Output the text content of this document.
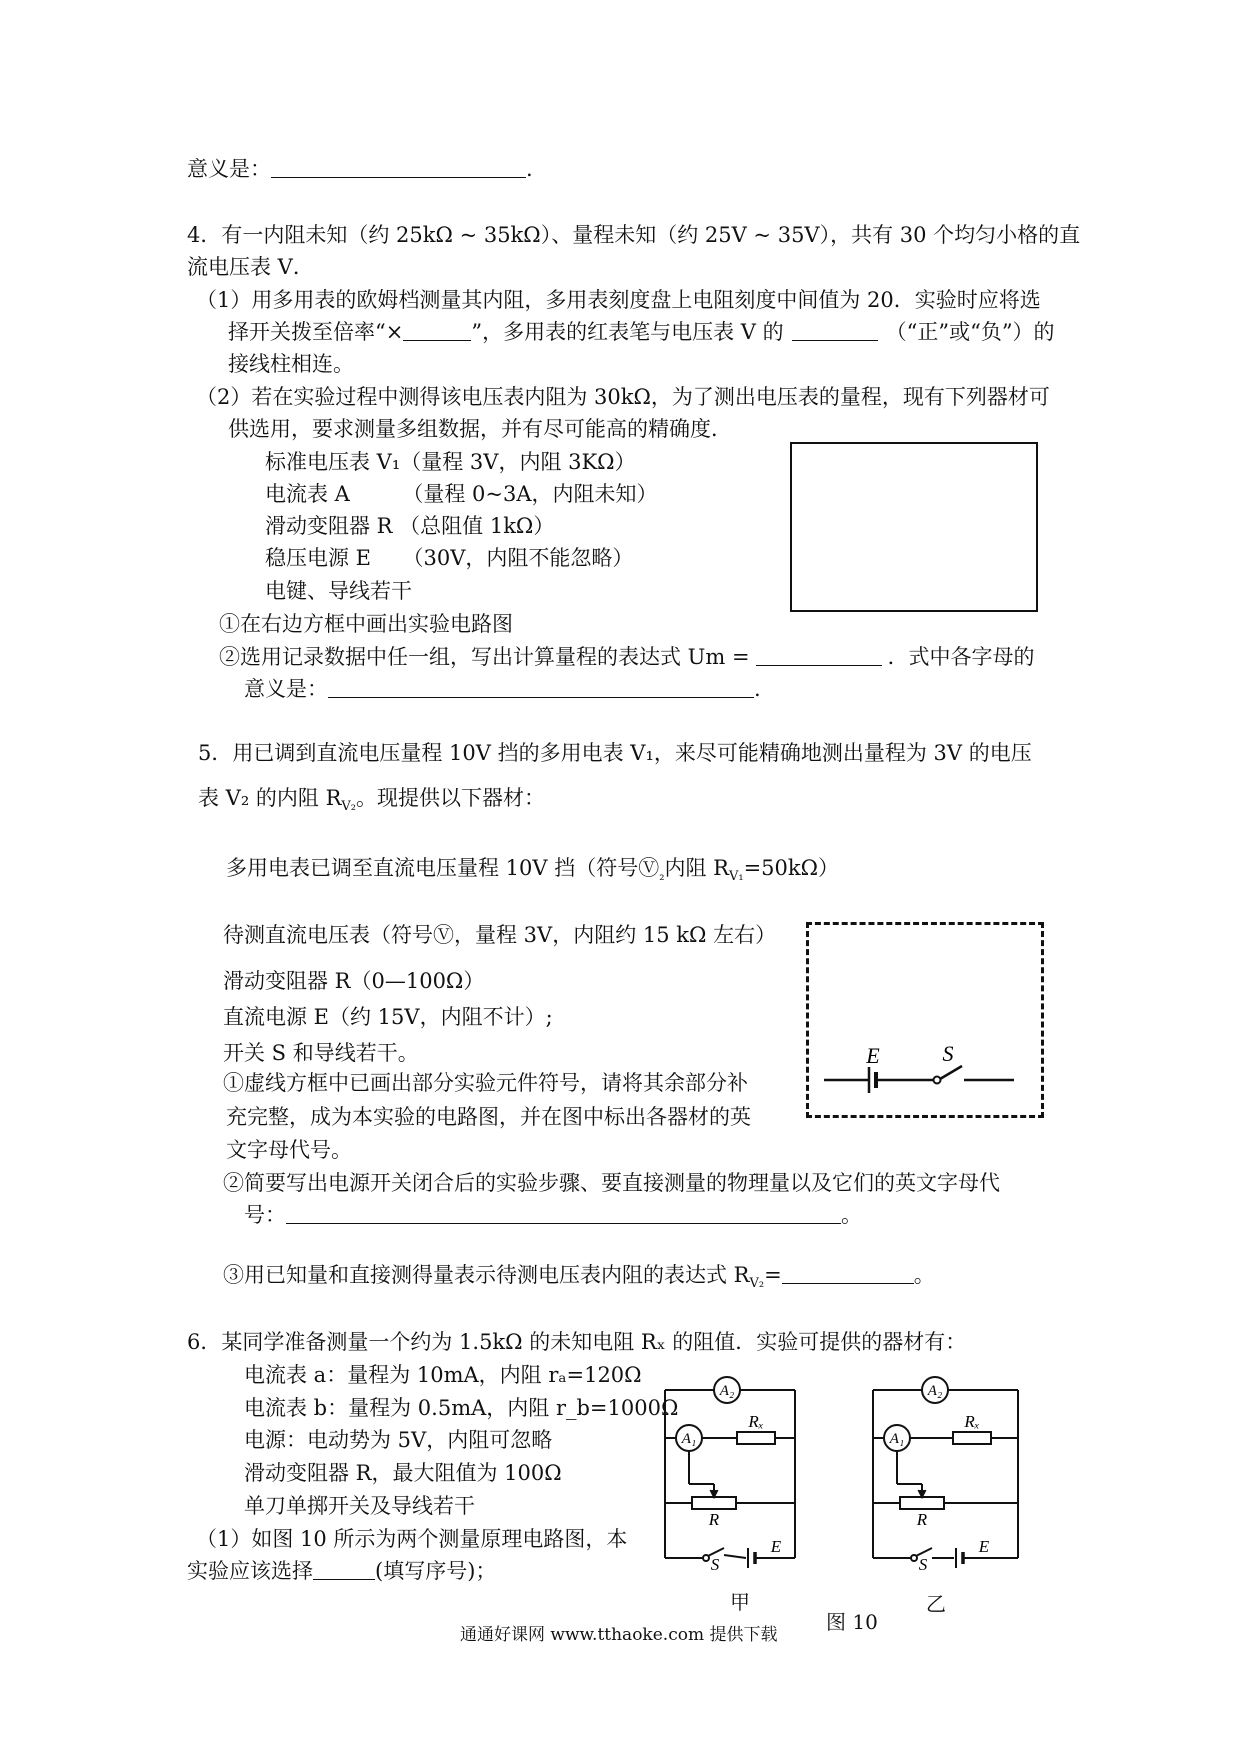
意义是：	.
4．有一内阻未知（约 25kΩ ~ 35kΩ）、量程未知（约 25V ~ 35V），共有 30 个均匀小格的直
流电压表 V．
（1）用多用表的欧姆档测量其内阻，多用表刻度盘上电阻刻度中间值为 20．实验时应将选
择开关拨至倍率“×	”，多用表的红表笔与电压表 V 的	（“正”或“负”）的
接线柱相连。
（2）若在实验过程中测得该电压表内阻为 30kΩ，为了测出电压表的量程，现有下列器材可
供选用，要求测量多组数据，并有尽可能高的精确度．
标准电压表 V₁（量程 3V，内阻 3KΩ）
电流表 A　　　（量程 0~3A，内阻未知）
滑动变阻器 R （总阻值 1kΩ）
稳压电源 E　　（30V，内阻不能忽略）
电键、导线若干
①在右边方框中画出实验电路图
②选用记录数据中任一组，写出计算量程的表达式 Um =	．式中各字母的
意义是：	.
5．用已调到直流电压量程 10V 挡的多用电表 V₁，来尽可能精确地测出量程为 3V 的电压
表 V₂ 的内阻 $R_{V_2}$。现提供以下器材：
多用电表已调至直流电压量程 10V 挡（符号$Ⓥ_{_2}$内阻 $R_{V_1}=50k\Omega$）
待测直流电压表（符号Ⓥ，量程 3V，内阻约 15 kΩ 左右）
滑动变阻器 R（0—100Ω）
直流电源 E（约 15V，内阻不计）;
开关 S 和导线若干。
①虚线方框中已画出部分实验元件符号，请将其余部分补
充完整，成为本实验的电路图，并在图中标出各器材的英
文字母代号。
E	S
②简要写出电源开关闭合后的实验步骤、要直接测量的物理量以及它们的英文字母代
号：	。
③用已知量和直接测得量表示待测电压表内阻的表达式 $R_{V_2}=$	。
6．某同学准备测量一个约为 1.5kΩ 的未知电阻 Rₓ 的阻值．实验可提供的器材有：
电流表 a：量程为 10mA，内阻 rₐ=120Ω
电流表 b：量程为 0.5mA，内阻 r_b=1000Ω
电源：电动势为 5V，内阻可忽略
滑动变阻器 R，最大阻值为 100Ω
单刀单掷开关及导线若干
（1）如图 10 所示为两个测量原理电路图，本
实验应该选择	(填写序号)；
A₂
A₁
Rₓ
R
S
E
A₂
A₁
Rₓ
R
S
E
甲	乙
图 10
通通好课网 www.tthaoke.com 提供下载
